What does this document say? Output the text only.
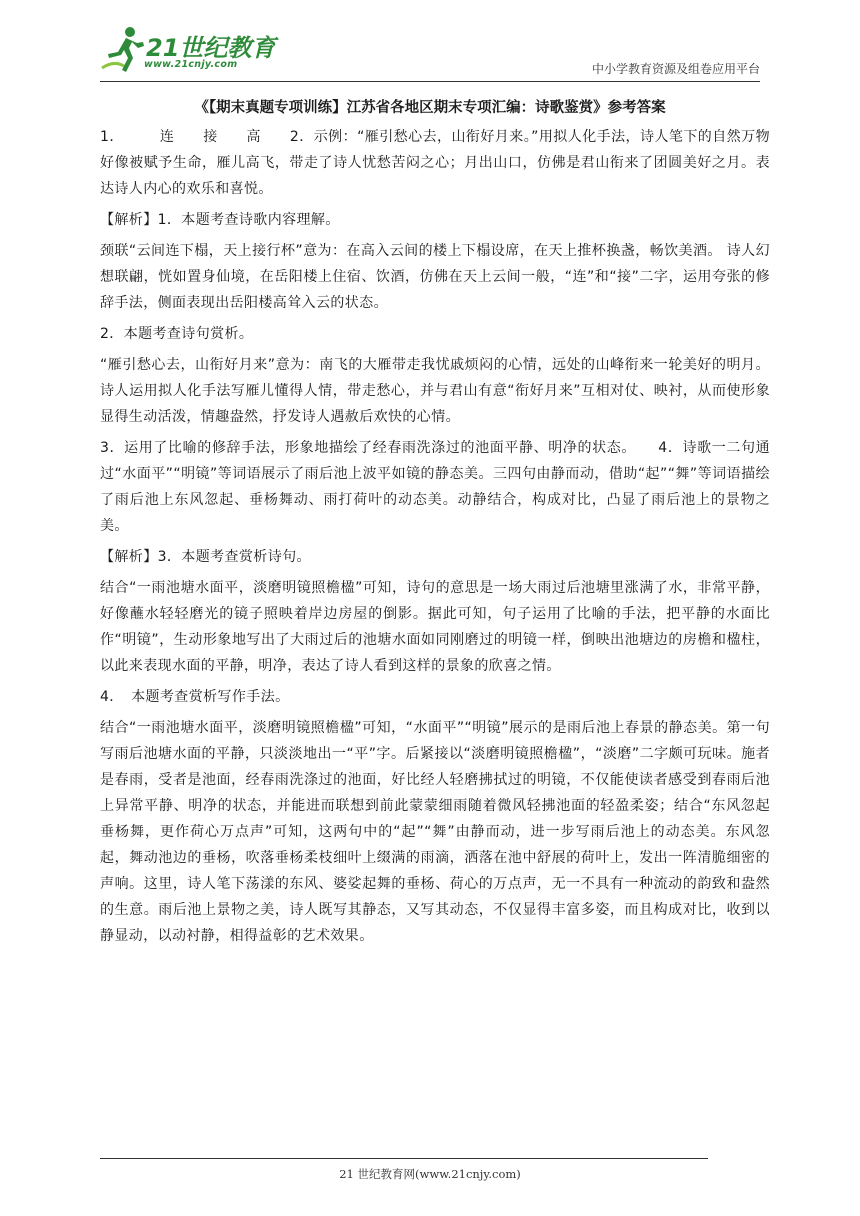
21世纪教育
www.21cnjy.com	中小学教育资源及组卷应用平台
《【期末真题专项训练】江苏省各地区期末专项汇编：诗歌鉴赏》参考答案

1．	连　　接　　高　　 2．示例：“雁引愁心去，山衔好月来。”用拟人化手法，诗人笔下的自然万物好像被赋予生命，雁儿高飞，带走了诗人忧愁苦闷之心；月出山口，仿佛是君山衔来了团圆美好之月。表达诗人内心的欢乐和喜悦。

【解析】1．本题考查诗歌内容理解。

颈联“云间连下榻，天上接行杯”意为：在高入云间的楼上下榻设席，在天上推杯换盏，畅饮美酒。 诗人幻想联翩，恍如置身仙境，在岳阳楼上住宿、饮酒，仿佛在天上云间一般，“连”和“接”二字，运用夸张的修辞手法，侧面表现出岳阳楼高耸入云的状态。

2．本题考查诗句赏析。

“雁引愁心去，山衔好月来”意为：南飞的大雁带走我忧戚烦闷的心情，远处的山峰衔来一轮美好的明月。诗人运用拟人化手法写雁儿懂得人情，带走愁心，并与君山有意“衔好月来”互相对仗、映衬，从而使形象显得生动活泼，情趣盎然，抒发诗人遇赦后欢快的心情。

3．运用了比喻的修辞手法，形象地描绘了经春雨洗涤过的池面平静、明净的状态。　　4．诗歌一二句通过“水面平”“明镜”等词语展示了雨后池上波平如镜的静态美。三四句由静而动，借助“起”“舞”等词语描绘了雨后池上东风忽起、垂杨舞动、雨打荷叶的动态美。动静结合，构成对比，凸显了雨后池上的景物之美。

【解析】3．本题考查赏析诗句。

结合“一雨池塘水面平，淡磨明镜照檐楹”可知，诗句的意思是一场大雨过后池塘里涨满了水，非常平静，好像蘸水轻轻磨光的镜子照映着岸边房屋的倒影。据此可知，句子运用了比喻的手法，把平静的水面比作“明镜”，生动形象地写出了大雨过后的池塘水面如同刚磨过的明镜一样，倒映出池塘边的房檐和楹柱，以此来表现水面的平静，明净，表达了诗人看到这样的景象的欣喜之情。

4．　本题考查赏析写作手法。

结合“一雨池塘水面平，淡磨明镜照檐楹”可知，“水面平”“明镜”展示的是雨后池上春景的静态美。第一句写雨后池塘水面的平静，只淡淡地出一“平”字。后紧接以“淡磨明镜照檐楹”，“淡磨”二字颇可玩味。施者是春雨，受者是池面，经春雨洗涤过的池面，好比经人轻磨拂拭过的明镜，不仅能使读者感受到春雨后池上异常平静、明净的状态，并能进而联想到前此蒙蒙细雨随着微风轻拂池面的轻盈柔姿；结合“东风忽起垂杨舞，更作荷心万点声”可知，这两句中的“起”“舞”由静而动，进一步写雨后池上的动态美。东风忽起，舞动池边的垂杨，吹落垂杨柔枝细叶上缀满的雨滴，洒落在池中舒展的荷叶上，发出一阵清脆细密的声响。这里，诗人笔下荡漾的东风、婆娑起舞的垂杨、荷心的万点声，无一不具有一种流动的韵致和盎然的生意。雨后池上景物之美，诗人既写其静态，又写其动态，不仅显得丰富多姿，而且构成对比，收到以静显动，以动衬静，相得益彰的艺术效果。

21 世纪教育网(www.21cnjy.com)
